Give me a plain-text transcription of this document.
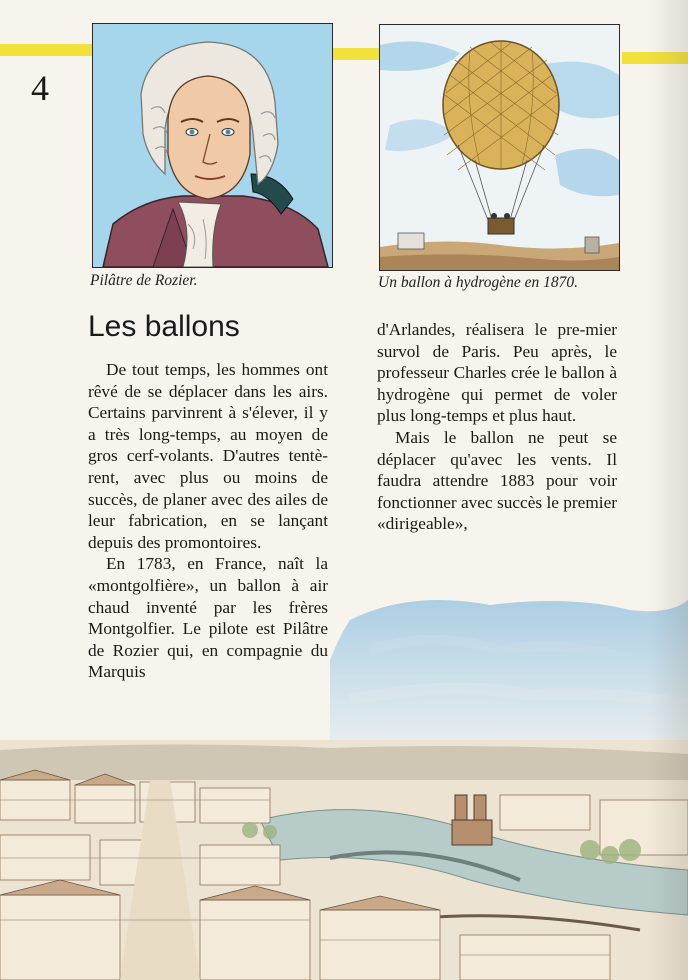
4
Pilâtre de Rozier.	Un ballon à hydrogène en 1870.
Les ballons

De tout temps, les hommes ont rêvé de se déplacer dans les airs. Certains parvinrent à s'élever, il y a très long-temps, au moyen de gros cerf-volants. D'autres tentè-rent, avec plus ou moins de succès, de planer avec des ailes de leur fabrication, en se lançant depuis des promontoires.

En 1783, en France, naît la «montgolfière», un ballon à air chaud inventé par les frères Montgolfier. Le pilote est Pilâtre de Rozier qui, en compagnie du Marquis

d'Arlandes, réalisera le pre-mier survol de Paris. Peu après, le professeur Charles crée le ballon à hydrogène qui permet de voler plus long-temps et plus haut.

Mais le ballon ne peut se déplacer qu'avec les vents. Il faudra attendre 1883 pour voir fonctionner avec succès le premier «dirigeable»,
